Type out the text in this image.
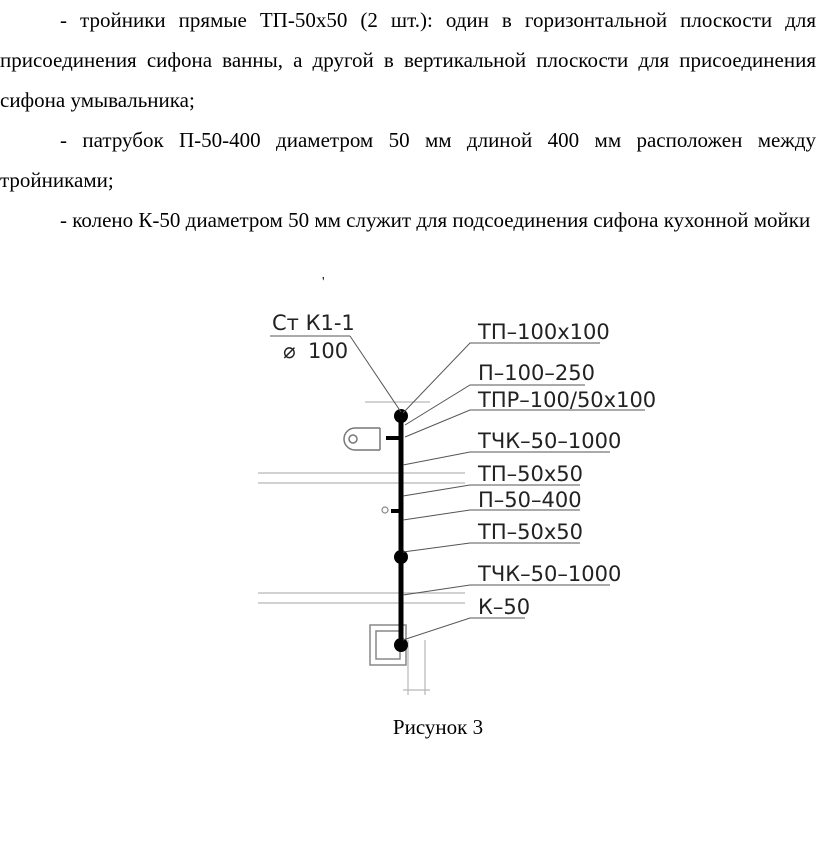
- тройники прямые ТП-50х50 (2 шт.): один в горизонтальной плоскости для присоединения сифона ванны, а другой в вертикальной плоскости для присоединения сифона умывальника;

- патрубок П-50-400 диаметром 50 мм длиной 400 мм расположен между тройниками;

- колено К-50 диаметром 50 мм служит для подсоединения сифона кухонной мойки

'
Ст К1-1
⌀ 100
ТП–100х100
П–100–250
ТПР–100/50х100
ТЧК–50–1000
ТП–50х50
П–50–400
ТП–50х50
ТЧК–50–1000
К–50
Рисунок 3
